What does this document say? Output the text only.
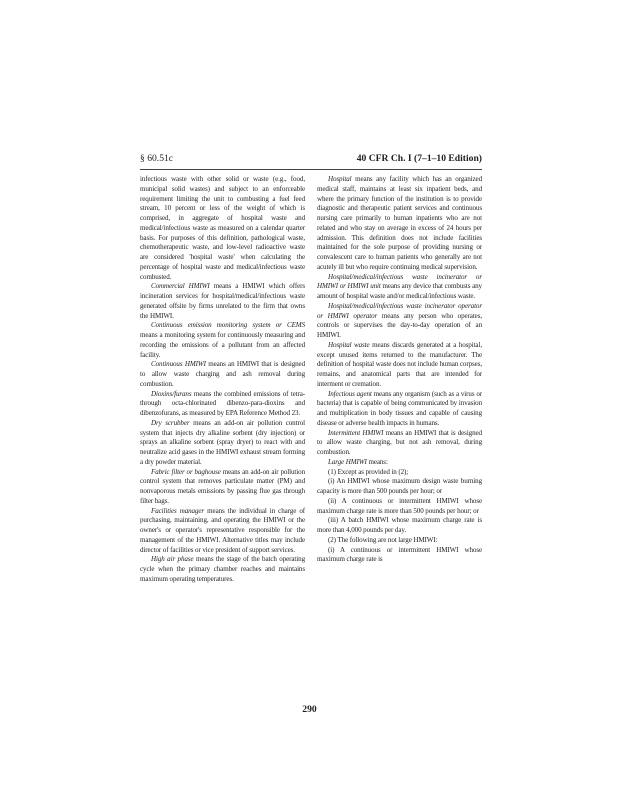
§ 60.51c	40 CFR Ch. I (7–1–10 Edition)

infectious waste with other solid or waste (e.g., food, municipal solid wastes) and subject to an enforceable requirement limiting the unit to combusting a fuel feed stream, 10 percent or less of the weight of which is comprised, in aggregate of hospital waste and medical/infectious waste as measured on a calendar quarter basis. For purposes of this definition, pathological waste, chemotherapeutic waste, and low-level radioactive waste are considered 'hospital waste' when calculating the percentage of hospital waste and medical/infectious waste combusted.

Commercial HMIWI means a HMIWI which offers incineration services for hospital/medical/infectious waste generated offsite by firms unrelated to the firm that owns the HMIWI.

Continuous emission monitoring system or CEMS means a monitoring system for continuously measuring and recording the emissions of a pollutant from an affected facility.

Continuous HMIWI means an HMIWI that is designed to allow waste charging and ash removal during combustion.

Dioxins/furans means the combined emissions of tetra-through octa-chlorinated dibenzo-para-dioxins and dibenzofurans, as measured by EPA Reference Method 23.

Dry scrubber means an add-on air pollution control system that injects dry alkaline sorbent (dry injection) or sprays an alkaline sorbent (spray dryer) to react with and neutralize acid gases in the HMIWI exhaust stream forming a dry powder material.

Fabric filter or baghouse means an add-on air pollution control system that removes particulate matter (PM) and nonvaporous metals emissions by passing flue gas through filter bags.

Facilities manager means the individual in charge of purchasing, maintaining, and operating the HMIWI or the owner's or operator's representative responsible for the management of the HMIWI. Alternative titles may include director of facilities or vice president of support services.

High air phase means the stage of the batch operating cycle when the primary chamber reaches and maintains maximum operating temperatures.

Hospital means any facility which has an organized medical staff, maintains at least six inpatient beds, and where the primary function of the institution is to provide diagnostic and therapeutic patient services and continuous nursing care primarily to human inpatients who are not related and who stay on average in excess of 24 hours per admission. This definition does not include facilities maintained for the sole purpose of providing nursing or convalescent care to human patients who generally are not acutely ill but who require continuing medical supervision.

Hospital/medical/infectious waste incinerator or HMIWI or HMIWI unit means any device that combusts any amount of hospital waste and/or medical/infectious waste.

Hospital/medical/infectious waste incinerator operator or HMIWI operator means any person who operates, controls or supervises the day-to-day operation of an HMIWI.

Hospital waste means discards generated at a hospital, except unused items returned to the manufacturer. The definition of hospital waste does not include human corpses, remains, and anatomical parts that are intended for interment or cremation.

Infectious agent means any organism (such as a virus or bacteria) that is capable of being communicated by invasion and multiplication in body tissues and capable of causing disease or adverse health impacts in humans.

Intermittent HMIWI means an HMIWI that is designed to allow waste charging, but not ash removal, during combustion.

Large HMIWI means:

(1) Except as provided in (2);

(i) An HMIWI whose maximum design waste burning capacity is more than 500 pounds per hour; or

(ii) A continuous or intermittent HMIWI whose maximum charge rate is more than 500 pounds per hour; or

(iii) A batch HMIWI whose maximum charge rate is more than 4,000 pounds per day.

(2) The following are not large HMIWI:

(i) A continuous or intermittent HMIWI whose maximum charge rate is

290
